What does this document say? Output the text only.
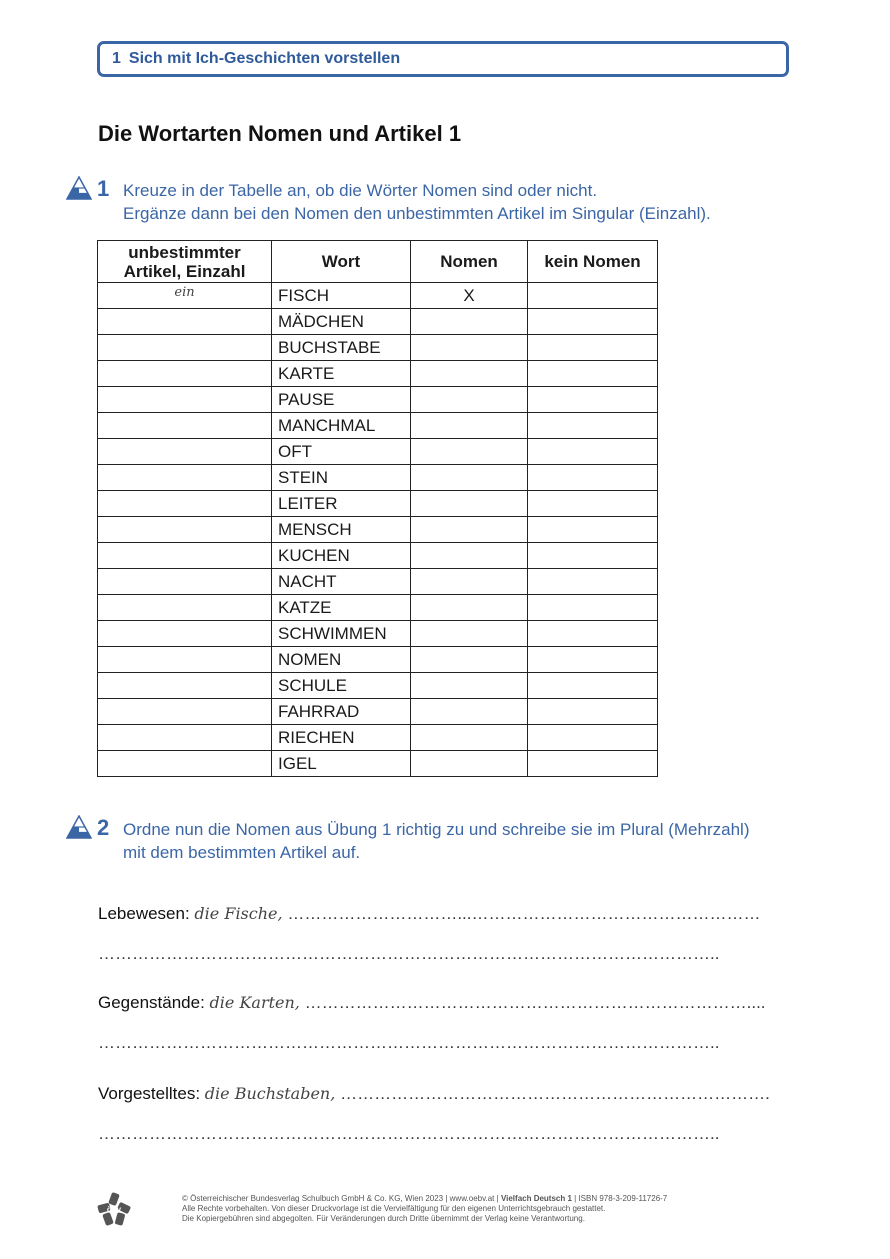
1 Sich mit Ich-Geschichten vorstellen
Die Wortarten Nomen und Artikel 1
1 Kreuze in der Tabelle an, ob die Wörter Nomen sind oder nicht.
Ergänze dann bei den Nomen den unbestimmten Artikel im Singular (Einzahl).
unbestimmter
Artikel, Einzahl	Wort	Nomen	kein Nomen
ein	FISCH	X	
	MÄDCHEN		
	BUCHSTABE		
	KARTE		
	PAUSE		
	MANCHMAL		
	OFT		
	STEIN		
	LEITER		
	MENSCH		
	KUCHEN		
	NACHT		
	KATZE		
	SCHWIMMEN		
	NOMEN		
	SCHULE		
	FAHRRAD		
	RIECHEN		
	IGEL		
2 Ordne nun die Nomen aus Übung 1 richtig zu und schreibe sie im Plural (Mehrzahl)
mit dem bestimmten Artikel auf.
Lebewesen: die Fische, …………………………...……………………………………………
………………………………………………………………………………………………..
Gegenstände: die Karten, ……………………………………………………………………....
………………………………………………………………………………………………..
Vorgestelltes: die Buchstaben, ………………………………………………………………….
………………………………………………………………………………………………..
öbv
© Österreichischer Bundesverlag Schulbuch GmbH & Co. KG, Wien 2023 | www.oebv.at | Vielfach Deutsch 1 | ISBN 978-3-209-11726-7
Alle Rechte vorbehalten. Von dieser Druckvorlage ist die Vervielfältigung für den eigenen Unterrichtsgebrauch gestattet.
Die Kopiergebühren sind abgegolten. Für Veränderungen durch Dritte übernimmt der Verlag keine Verantwortung.
